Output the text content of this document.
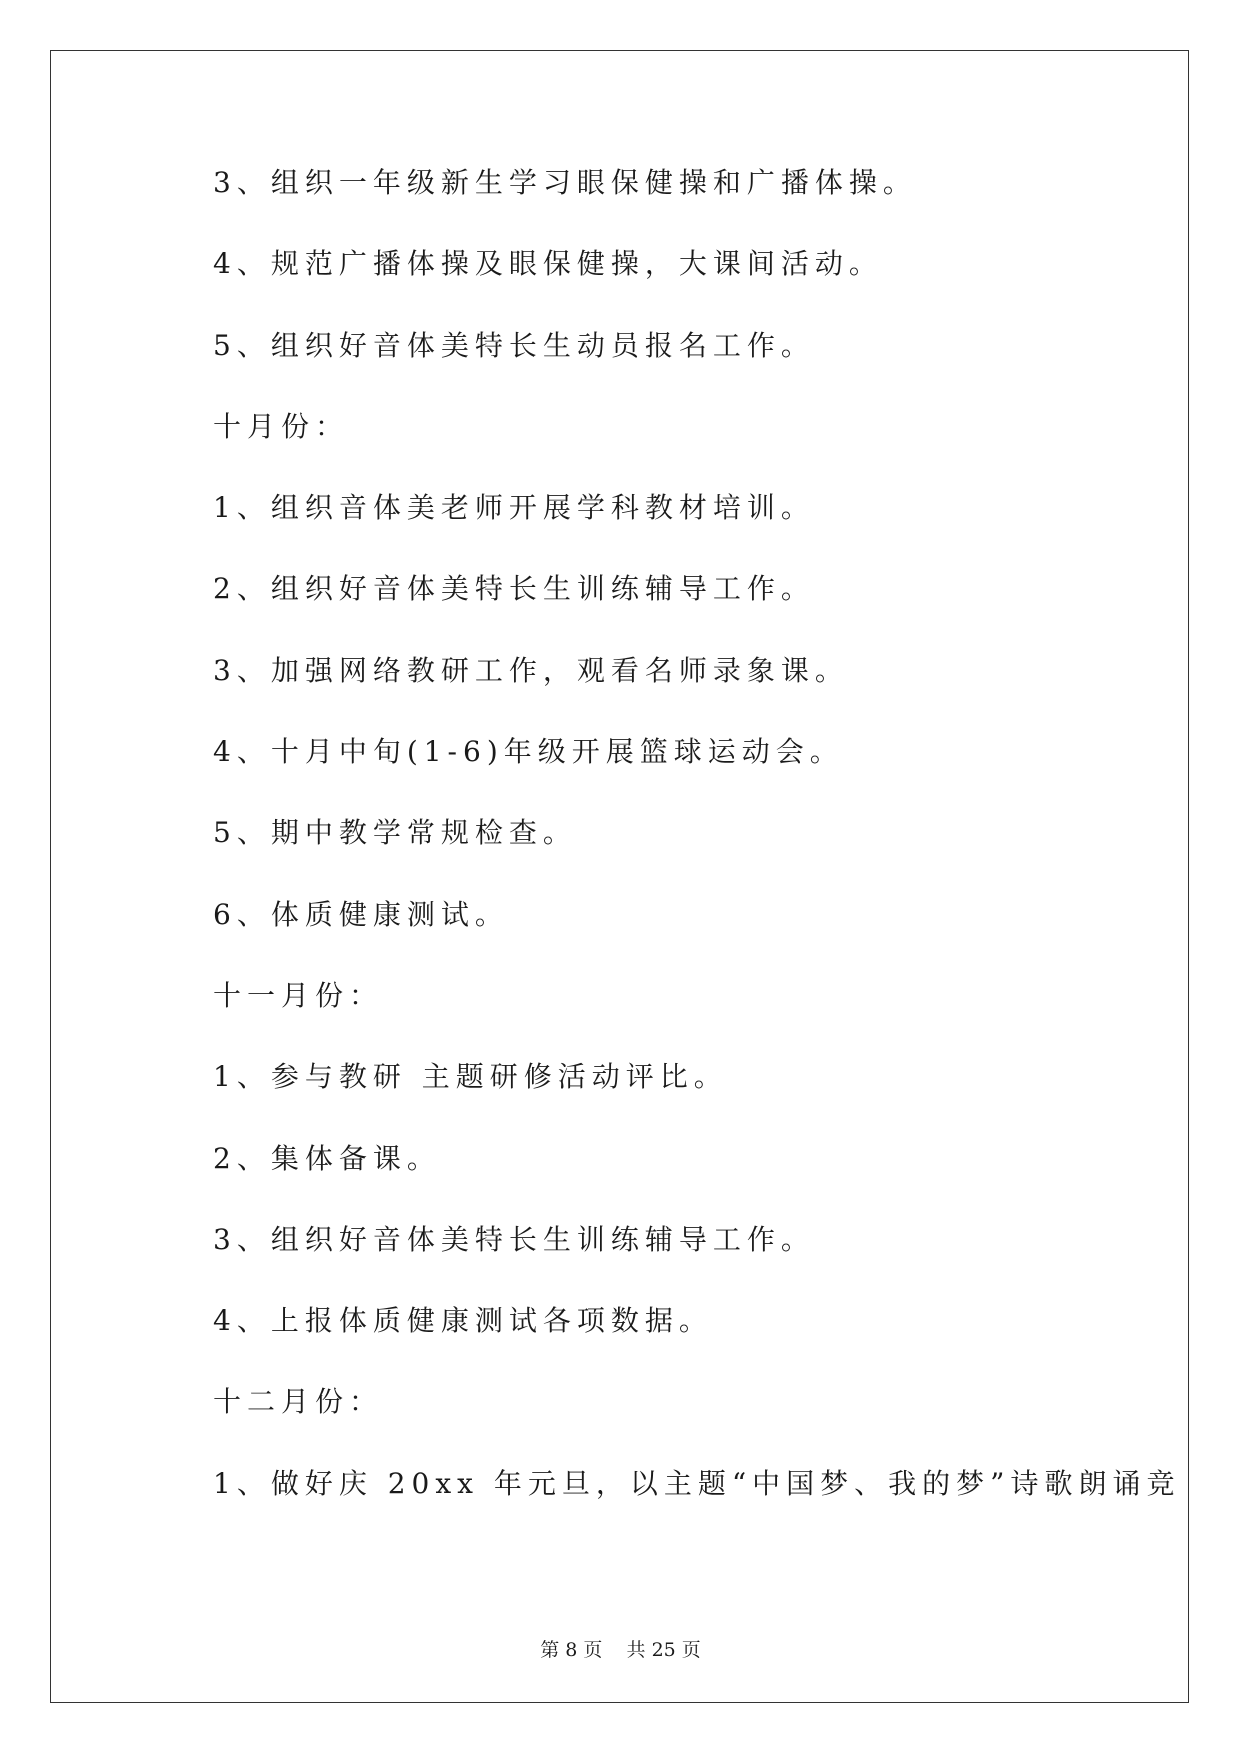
3、组织一年级新生学习眼保健操和广播体操。
4、规范广播体操及眼保健操，大课间活动。
5、组织好音体美特长生动员报名工作。
十月份：
1、组织音体美老师开展学科教材培训。
2、组织好音体美特长生训练辅导工作。
3、加强网络教研工作，观看名师录象课。
4、十月中旬(1-6)年级开展篮球运动会。
5、期中教学常规检查。
6、体质健康测试。
十一月份：
1、参与教研 主题研修活动评比。
2、集体备课。
3、组织好音体美特长生训练辅导工作。
4、上报体质健康测试各项数据。
十二月份：
1、做好庆 20xx 年元旦，以主题“中国梦、我的梦”诗歌朗诵竞
第 8 页    共 25 页
